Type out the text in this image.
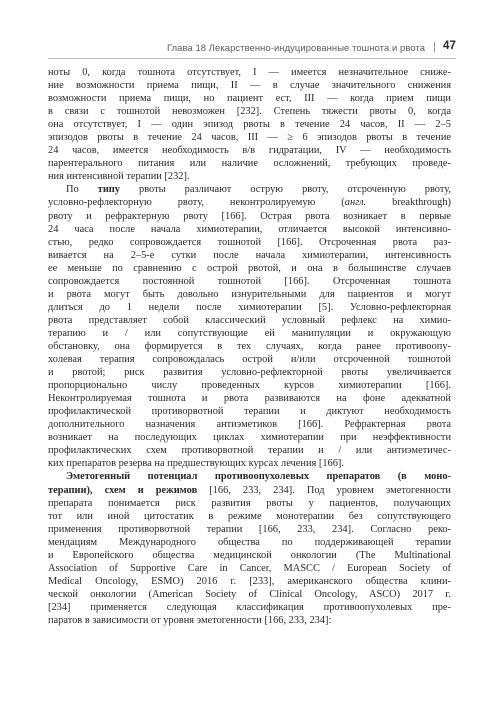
Глава 18 Лекарственно-индуцированные тошнота и рвота | 47
ноты 0, когда тошнота отсутствует, I — имеется незначительное сниже-
ние возможности приема пищи, II — в случае значительного снижения
возможности приема пищи, но пациент ест, III — когда прием пищи
в связи с тошнотой невозможен [232]. Степень тяжести рвоты 0, когда
она отсутствует, I — один эпизод рвоты в течение 24 часов, II — 2–5
эпизодов рвоты в течение 24 часов, III — ≥ 6 эпизодов рвоты в течение
24 часов, имеется необходимость в/в гидратации, IV — необходимость
парентерального питания или наличие осложнений, требующих проведе-
ния интенсивной терапии [232].
По типу рвоты различают острую рвоту, отсроченную рвоту,
условно-рефлекторную рвоту, неконтролируемую (англ. breakthrough)
рвоту и рефрактерную рвоту [166]. Острая рвота возникает в первые
24 часа после начала химиотерапии, отличается высокой интенсивно-
стью, редко сопровождается тошнотой [166]. Отсроченная рвота раз-
вивается на 2–5-е сутки после начала химиотерапии, интенсивность
ее меньше по сравнению с острой рвотой, и она в большинстве случаев
сопровождается постоянной тошнотой [166]. Отсроченная тошнота
и рвота могут быть довольно изнурительными для пациентов и могут
длиться до 1 недели после химиотерапии [5]. Условно-рефлекторная
рвота представляет собой классический условный рефлекс на химио-
терапию и / или сопутствующие ей манипуляции и окружающую
обстановку, она формируется в тех случаях, когда ранее противоопу-
холевая терапия сопровождалась острой и/или отсроченной тошнотой
и рвотой; риск развития условно-рефлекторной рвоты увеличивается
пропорционально числу проведенных курсов химиотерапии [166].
Неконтролируемая тошнота и рвота развиваются на фоне адекватной
профилактической противорвотной терапии и диктуют необходимость
дополнительного назначения антиэметиков [166]. Рефрактерная рвота
возникает на последующих циклах химиотерапии при неэффективности
профилактических схем противорвотной терапии и / или антиэметичес-
ких препаратов резерва на предшествующих курсах лечения [166].
Эметогенный потенциал противоопухолевых препаратов (в моно-
терапии), схем и режимов [166, 233, 234]. Под уровнем эметогенности
препарата понимается риск развития рвоты у пациентов, получающих
тот или иной цитостатик в режиме монотерапии без сопутствующего
применения противорвотной терапии [166, 233, 234]. Согласно реко-
мендациям Международного общества по поддерживающей терапии
и Европейского общества медицинской онкологии (The Multinational
Association of Supportive Care in Cancer, MASCC / European Society of
Medical Oncology, ESMO) 2016 г. [233], американского общества клини-
ческой онкологии (American Society of Clinical Oncology, ASCO) 2017 г.
[234] применяется следующая классификация противоопухолевых пре-
паратов в зависимости от уровня эметогенности [166, 233, 234]:
